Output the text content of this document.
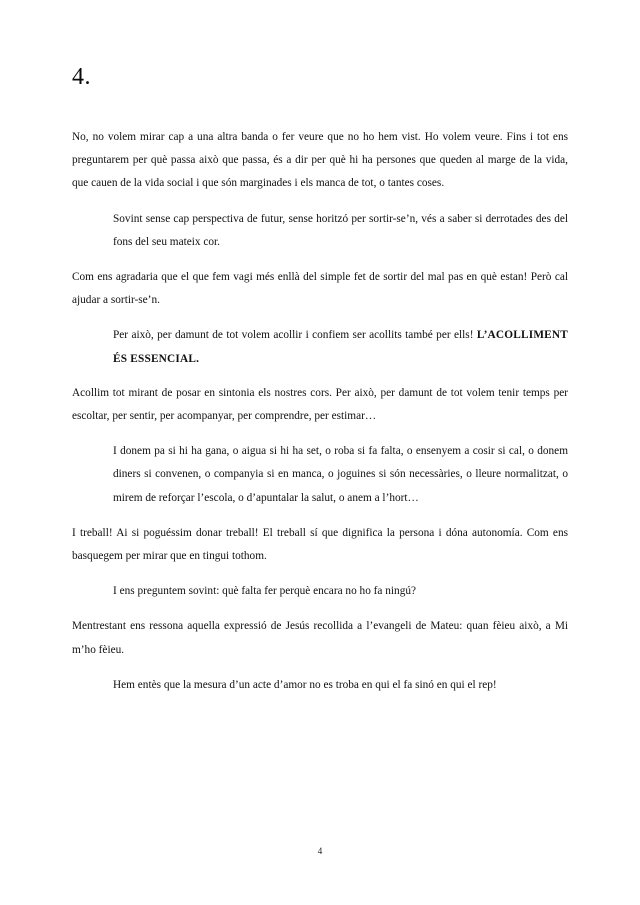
4.

No, no volem mirar cap a una altra banda o fer veure que no ho hem vist. Ho volem veure. Fins i tot ens preguntarem per què passa això que passa, és a dir per què hi ha persones que queden al marge de la vida, que cauen de la vida social i que són marginades i els manca de tot, o tantes coses.

Sovint sense cap perspectiva de futur, sense horitzó per sortir-se’n, vés a saber si derrotades des del fons del seu mateix cor.

Com ens agradaria que el que fem vagi més enllà del simple fet de sortir del mal pas en què estan! Però cal ajudar a sortir-se’n.

Per això, per damunt de tot volem acollir i confiem ser acollits també per ells! L’ACOLLIMENT ÉS ESSENCIAL.

Acollim tot mirant de posar en sintonia els nostres cors. Per això, per damunt de tot volem tenir temps per escoltar, per sentir, per acompanyar, per comprendre, per estimar…

I donem pa si hi ha gana, o aigua si hi ha set, o roba si fa falta, o ensenyem a cosir si cal, o donem diners si convenen, o companyia si en manca, o joguines si són necessàries, o lleure normalitzat, o mirem de reforçar l’escola, o d’apuntalar la salut, o anem a l’hort…

I treball! Ai si poguéssim donar treball! El treball sí que dignifica la persona i dóna autonomía. Com ens basquegem per mirar que en tingui tothom.

I ens preguntem sovint: què falta fer perquè encara no ho fa ningú?

Mentrestant ens ressona aquella expressió de Jesús recollida a l’evangeli de Mateu: quan fèieu això, a Mi m’ho fèieu.

Hem entès que la mesura d’un acte d’amor no es troba en qui el fa sinó en qui el rep!

4
